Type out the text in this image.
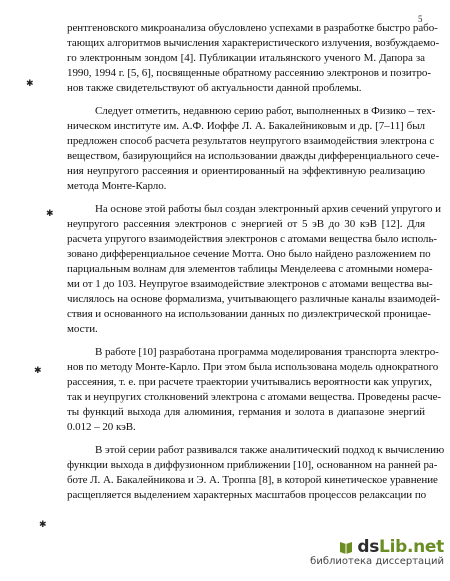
5
✱
✱
✱
✱
рентгеновского микроанализа обусловлено успехами в разработке быстро рабо-
тающих алгоритмов вычисления характеристического излучения, возбуждаемо-
го электронным зондом [4]. Публикации итальянского ученого М. Дапора за
1990, 1994 г. [5, 6], посвященные обратному рассеянию электронов и позитро-
нов также свидетельствуют об актуальности данной проблемы.
Следует отметить, недавнюю серию работ, выполненных в Физико – тех-
ническом институте им. А.Ф. Иоффе Л. А. Бакалейниковым и др. [7–11] был
предложен способ расчета результатов неупругого взаимодействия электрона с
веществом, базирующийся на использовании дважды дифференциального сече-
ния неупругого рассеяния и ориентированный на эффективную реализацию
метода Монте-Карло.
На основе этой работы был создан электронный архив сечений упругого и
неупругого рассеяния электронов с энергией от 5 эВ до 30 кэВ [12]. Для
расчета упругого взаимодействия электронов с атомами вещества было исполь-
зовано дифференциальное сечение Мотта. Оно было найдено разложением по
парциальным волнам для элементов таблицы Менделеева с атомными номера-
ми от 1 до 103. Неупругое взаимодействие электронов с атомами вещества вы-
числялось на основе формализма, учитывающего различные каналы взаимодей-
ствия и основанного на использовании данных по диэлектрической проницае-
мости.
В работе [10] разработана программа моделирования транспорта электро-
нов по методу Монте-Карло. При этом была использована модель однократного
рассеяния, т. е. при расчете траектории учитывались вероятности как упругих,
так и неупругих столкновений электрона с атомами вещества. Проведены расче-
ты функций выхода для алюминия, германия и золота в диапазоне энергий
0.012 – 20 кэВ.
В этой серии работ развивался также аналитический подход к вычислению
функции выхода в диффузионном приближении [10], основанном на ранней ра-
боте Л. А. Бакалейникова и Э. А. Троппа [8], в которой кинетическое уравнение
расщепляется выделением характерных масштабов процессов релаксации по
dsLib.net
библиотека диссертаций
